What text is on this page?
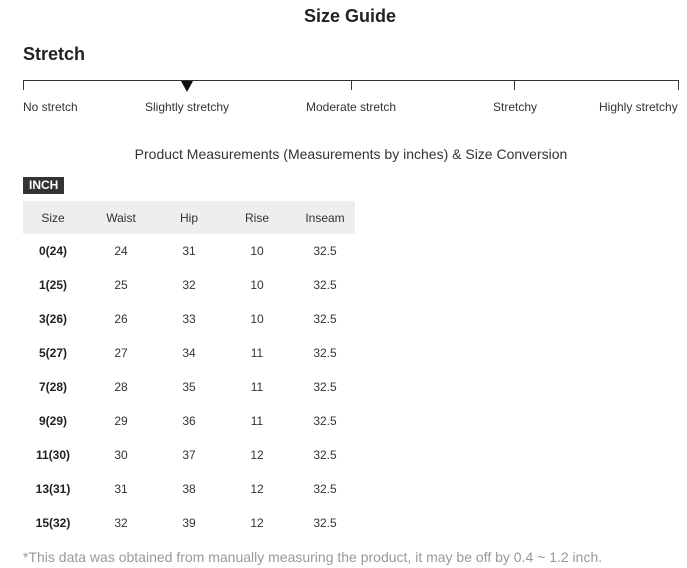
Size Guide
Stretch
No stretch	Slightly stretchy	Moderate stretch	Stretchy	Highly stretchy
Product Measurements (Measurements by inches) & Size Conversion
INCH
Size	Waist	Hip	Rise	Inseam
0(24)	24	31	10	32.5
1(25)	25	32	10	32.5
3(26)	26	33	10	32.5
5(27)	27	34	11	32.5
7(28)	28	35	11	32.5
9(29)	29	36	11	32.5
11(30)	30	37	12	32.5
13(31)	31	38	12	32.5
15(32)	32	39	12	32.5
*This data was obtained from manually measuring the product, it may be off by 0.4 ~ 1.2 inch.
